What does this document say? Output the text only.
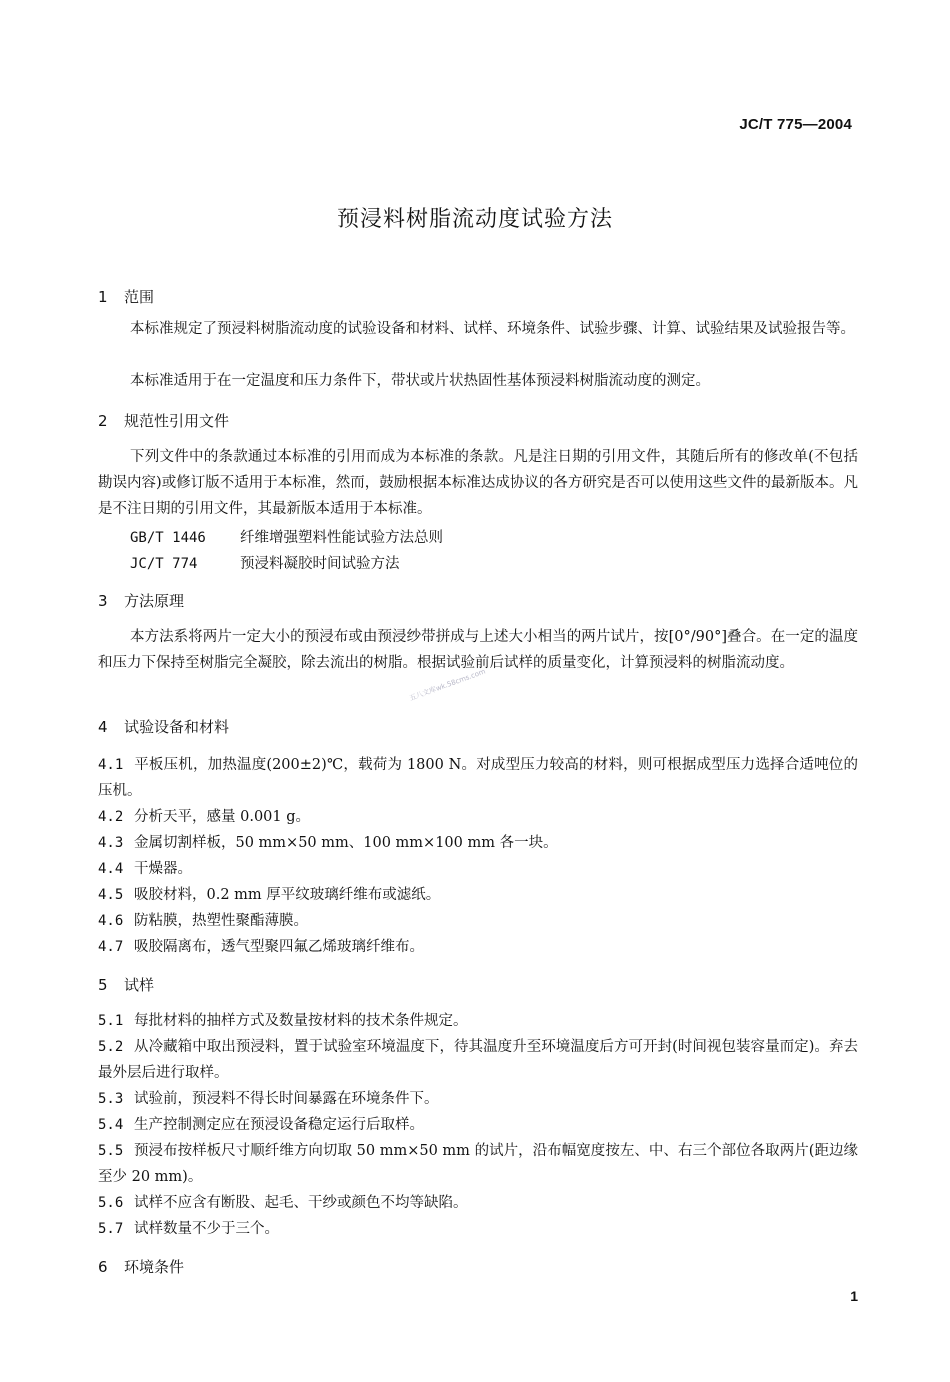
JC/T 775—2004
预浸料树脂流动度试验方法
1 范围
本标准规定了预浸料树脂流动度的试验设备和材料、试样、环境条件、试验步骤、计算、试验结果及试验报告等。
本标准适用于在一定温度和压力条件下，带状或片状热固性基体预浸料树脂流动度的测定。
2 规范性引用文件
下列文件中的条款通过本标准的引用而成为本标准的条款。凡是注日期的引用文件，其随后所有的修改单(不包括勘误内容)或修订版不适用于本标准，然而，鼓励根据本标准达成协议的各方研究是否可以使用这些文件的最新版本。凡是不注日期的引用文件，其最新版本适用于本标准。
GB/T 1446 纤维增强塑料性能试验方法总则
JC/T 774	预浸料凝胶时间试验方法
3 方法原理
本方法系将两片一定大小的预浸布或由预浸纱带拼成与上述大小相当的两片试片，按[0°/90°]叠合。在一定的温度和压力下保持至树脂完全凝胶，除去流出的树脂。根据试验前后试样的质量变化，计算预浸料的树脂流动度。
4 试验设备和材料
4.1 平板压机，加热温度(200±2)℃，载荷为 1800 N。对成型压力较高的材料，则可根据成型压力选择合适吨位的压机。
4.2 分析天平，感量 0.001 g。
4.3 金属切割样板，50 mm×50 mm、100 mm×100 mm 各一块。
4.4 干燥器。
4.5 吸胶材料，0.2 mm 厚平纹玻璃纤维布或滤纸。
4.6 防粘膜，热塑性聚酯薄膜。
4.7 吸胶隔离布，透气型聚四氟乙烯玻璃纤维布。
5 试样
5.1 每批材料的抽样方式及数量按材料的技术条件规定。
5.2 从冷藏箱中取出预浸料，置于试验室环境温度下，待其温度升至环境温度后方可开封(时间视包装容量而定)。弃去最外层后进行取样。
5.3 试验前，预浸料不得长时间暴露在环境条件下。
5.4 生产控制测定应在预浸设备稳定运行后取样。
5.5 预浸布按样板尺寸顺纤维方向切取 50 mm×50 mm 的试片，沿布幅宽度按左、中、右三个部位各取两片(距边缘至少 20 mm)。
5.6 试样不应含有断股、起毛、干纱或颜色不均等缺陷。
5.7 试样数量不少于三个。
6 环境条件
五八文库wk.58cms.com
1
